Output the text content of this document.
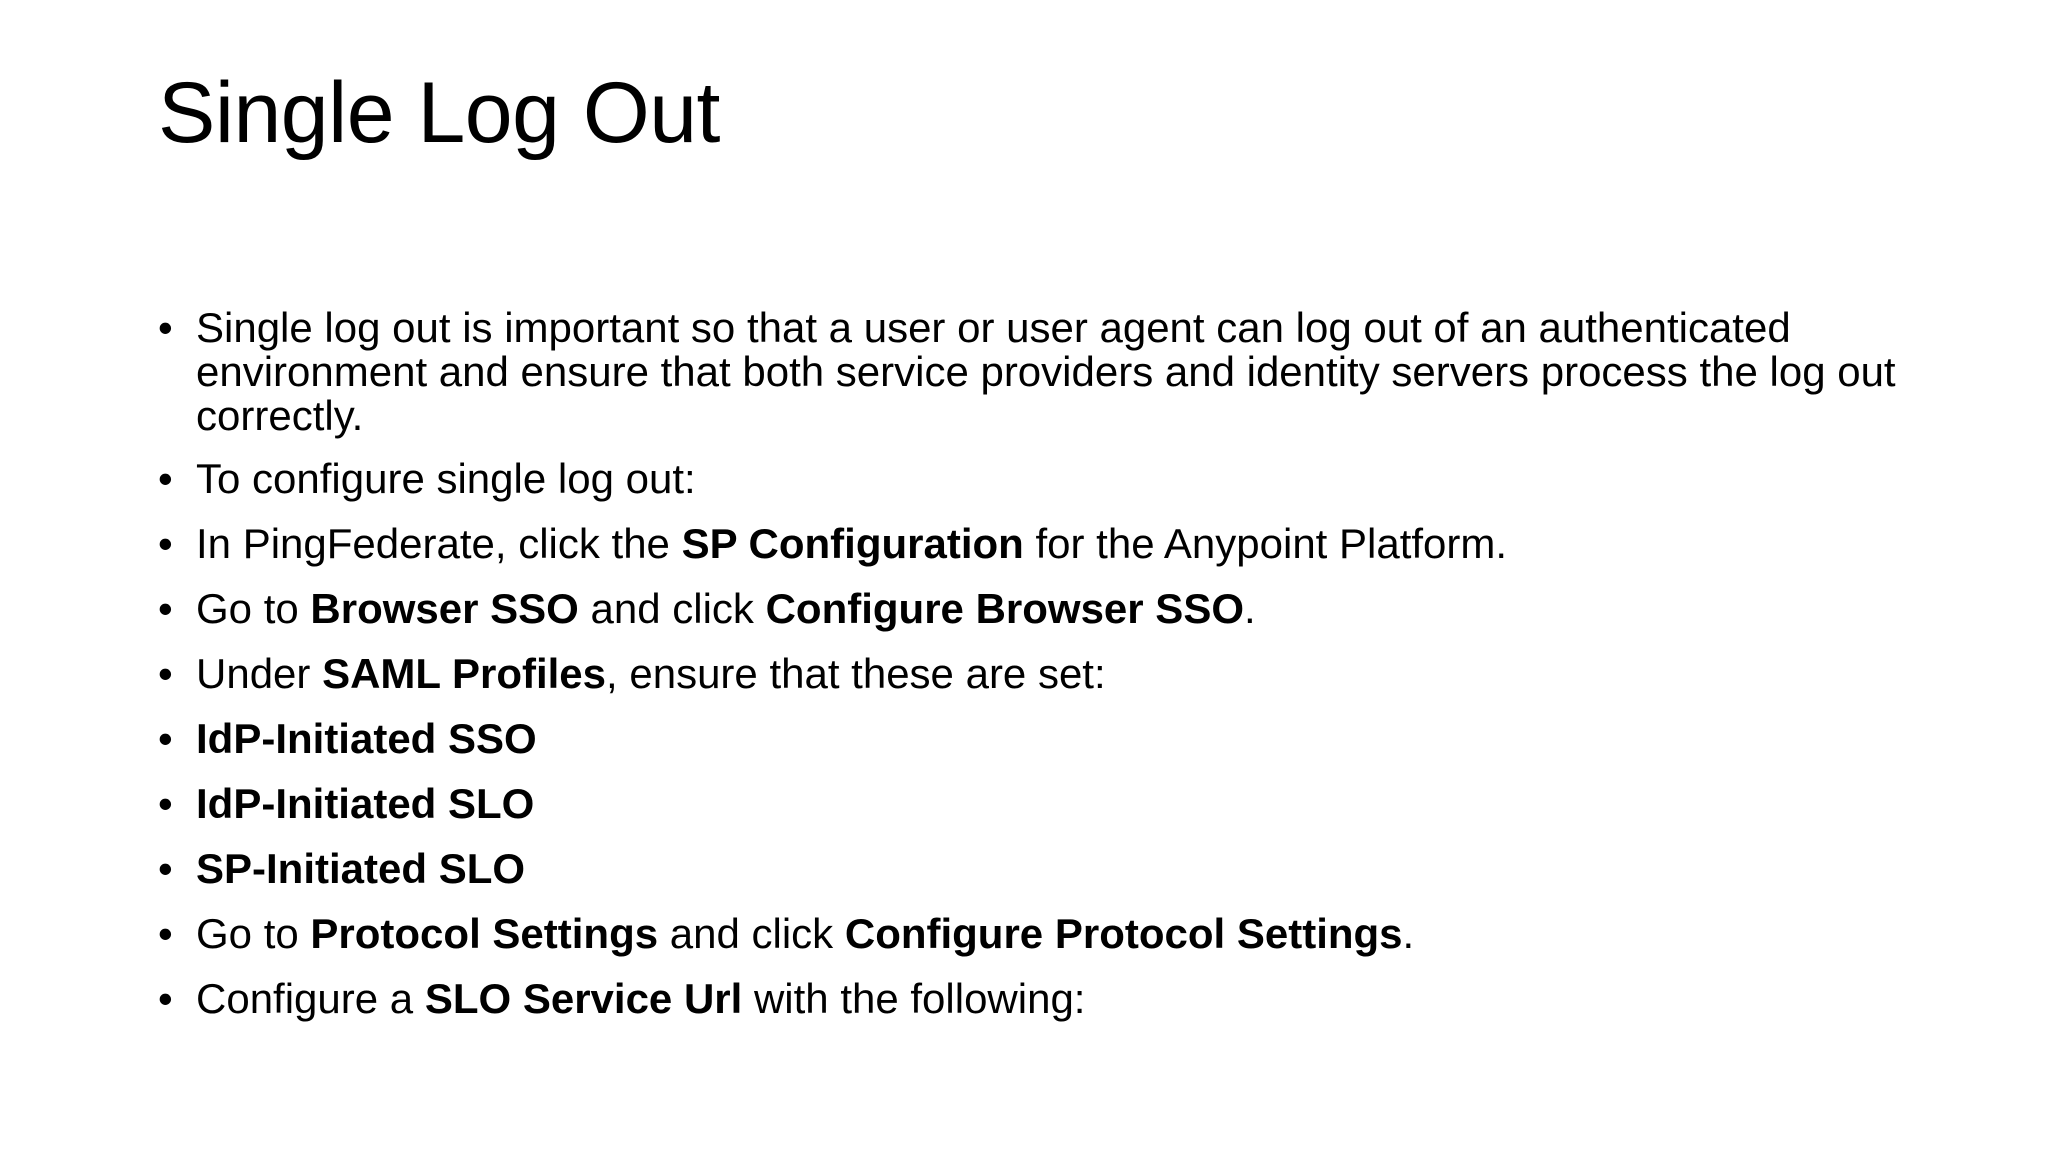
Single Log Out
• Single log out is important so that a user or user agent can log out of an authenticated environment and ensure that both service providers and identity servers process the log out correctly.
• To configure single log out:
• In PingFederate, click the SP Configuration for the Anypoint Platform.
• Go to Browser SSO and click Configure Browser SSO.
• Under SAML Profiles, ensure that these are set:
• IdP-Initiated SSO
• IdP-Initiated SLO
• SP-Initiated SLO
• Go to Protocol Settings and click Configure Protocol Settings.
• Configure a SLO Service Url with the following:
